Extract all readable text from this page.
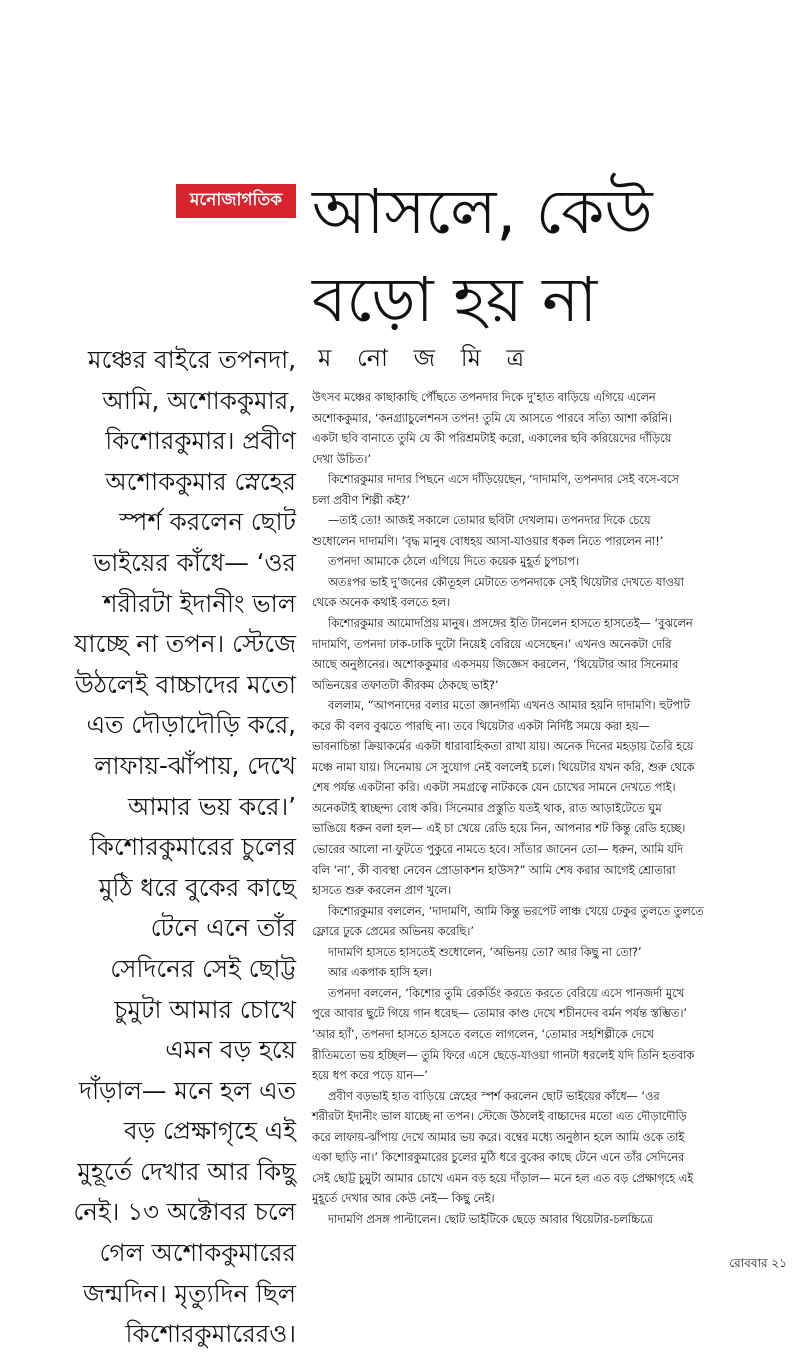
মনোজাগতিক আসলে, কেউ
বড়ো হয় না
মঞ্চের বাইরে তপনদা,
আমি, অশোককুমার,
কিশোরকুমার। প্রবীণ
অশোককুমার স্নেহের
স্পর্শ করলেন ছোট
ভাইয়ের কাঁধে— ‘ওর
শরীরটা ইদানীং ভাল
যাচ্ছে না তপন। স্টেজে
উঠলেই বাচ্চাদের মতো
এত দৌড়াদৌড়ি করে,
লাফায়-ঝাঁপায়, দেখে
আমার ভয় করে।’
কিশোরকুমারের চুলের
মুঠি ধরে বুকের কাছে
টেনে এনে তাঁর
সেদিনের সেই ছোট্ট
চুমুটা আমার চোখে
এমন বড় হয়ে
দাঁড়াল— মনে হল এত
বড় প্রেক্ষাগৃহে এই
মুহূর্তে দেখার আর কিছু
নেই। ১৩ অক্টোবর চলে
গেল অশোককুমারের
জন্মদিন। মৃত্যুদিন ছিল
কিশোরকুমারেরও।
ম নো জ মি ত্র

উৎসব মঞ্চের কাছাকাছি পৌঁছতে তপনদার দিকে দু’হাত বাড়িয়ে এগিয়ে এলেন
অশোককুমার, ‘কনগ্র্যাচুলেশনস তপন! তুমি যে আসতে পারবে সত্যি আশা করিনি।
একটা ছবি বানাতে তুমি যে কী পরিশ্রমটাই করো, একালের ছবি করিয়েদের দাঁড়িয়ে
দেখা উচিত।’

কিশোরকুমার দাদার পিছনে এসে দাঁড়িয়েছেন, ‘দাদামণি, তপনদার সেই বসে-বসে
চলা প্রবীণ শিল্পী কই?’

—তাই তো! আজই সকালে তোমার ছবিটা দেখলাম। তপনদার দিকে চেয়ে
শুধোলেন দাদামণি। ‘বৃদ্ধ মানুষ বোধহয় আসা-যাওয়ার ধকল নিতে পারলেন না!’

তপনদা আমাকে ঠেলে এগিয়ে দিতে কয়েক মুহূর্ত চুপচাপ।

অতঃপর ভাই দু’জনের কৌতূহল মেটাতে তপনদাকে সেই থিয়েটার দেখতে যাওয়া
থেকে অনেক কথাই বলতে হল।

কিশোরকুমার আমোদপ্রিয় মানুষ। প্রসঙ্গের ইতি টানলেন হাসতে হাসতেই— ‘বুঝলেন
দাদামণি, তপনদা ঢাক-ঢাকি দুটো নিয়েই বেরিয়ে এসেছেন।’ এখনও অনেকটা দেরি
আছে অনুষ্ঠানের। অশোককুমার একসময় জিজ্ঞেস করলেন, ‘থিয়েটার আর সিনেমার
অভিনয়ের তফাতটা কীরকম ঠেকছে ভাই?’

বললাম, “আপনাদের বলার মতো জ্ঞানগম্যি এখনও আমার হয়নি দাদামণি। হুটপাট
করে কী বলব বুঝতে পারছি না। তবে থিয়েটার একটা নির্দিষ্ট সময়ে করা হয়—
ভাবনাচিন্তা ক্রিয়াকর্মের একটা ধারাবাহিকতা রাখা যায়। অনেক দিনের মহড়ায় তৈরি হয়ে
মঞ্চে নামা যায়। সিনেমায় সে সুযোগ নেই বললেই চলে। থিয়েটার যখন করি, শুরু থেকে
শেষ পর্যন্ত একটানা করি। একটা সমগ্রত্বে নাটককে যেন চোখের সামনে দেখতে পাই।
অনেকটাই স্বাচ্ছন্দ্য বোধ করি। সিনেমার প্রস্তুতি যতই থাক, রাত আড়াইটেতে ঘুম
ভাঙিয়ে ধরুন বলা হল— এই চা খেয়ে রেডি হয়ে নিন, আপনার শট কিন্তু রেডি হচ্ছে।
ভোরের আলো না ফুটতে পুকুরে নামতে হবে। সাঁতার জানেন তো— ধরুন, আমি যদি
বলি ‘না’, কী ব্যবস্থা নেবেন প্রোডাকশন হাউস?” আমি শেষ করার আগেই শ্রোতারা
হাসতে শুরু করলেন প্রাণ খুলে।

কিশোরকুমার বললেন, ‘দাদামণি, আমি কিন্তু ভরপেট লাঞ্চ খেয়ে ঢেকুর তুলতে তুলতে
ফ্লোরে ঢুকে প্রেমের অভিনয় করেছি।’

দাদামণি হাসতে হাসতেই শুধোলেন, ‘অভিনয় তো? আর কিছু না তো?’

আর একপাক হাসি হল।

তপনদা বললেন, ‘কিশোর তুমি রেকর্ডিং করতে করতে বেরিয়ে এসে পানজর্দা মুখে
পুরে আবার ছুটে গিয়ে গান ধরেছ— তোমার কাণ্ড দেখে শচীনদেব বর্মন পর্যন্ত স্তম্ভিত।’
‘আর হ্যাঁ’, তপনদা হাসতে হাসতে বলতে লাগলেন, ‘তোমার সহশিল্পীকে দেখে
রীতিমতো ভয় হচ্ছিল— তুমি ফিরে এসে ছেড়ে-যাওয়া গানটা ধরলেই যদি তিনি হতবাক
হয়ে ধপ করে পড়ে যান—’

প্রবীণ বড়ভাই হাত বাড়িয়ে স্নেহের স্পর্শ করলেন ছোট ভাইয়ের কাঁধে— ‘ওর
শরীরটা ইদানীং ভাল যাচ্ছে না তপন। স্টেজে উঠলেই বাচ্চাদের মতো এত দৌড়াদৌড়ি
করে লাফায়-ঝাঁপায় দেখে আমার ভয় করে। বম্বের মধ্যে অনুষ্ঠান হলে আমি ওকে তাই
একা ছাড়ি না।’ কিশোরকুমারের চুলের মুঠি ধরে বুকের কাছে টেনে এনে তাঁর সেদিনের
সেই ছোট্ট চুমুটা আমার চোখে এমন বড় হয়ে দাঁড়াল— মনে হল এত বড় প্রেক্ষাগৃহে এই
মুহূর্তে দেখার আর কেউ নেই— কিছু নেই।

দাদামণি প্রসঙ্গ পাল্টালেন। ছোট ভাইটিকে ছেড়ে আবার থিয়েটার-চলচ্চিত্রে

রোববার ২১
